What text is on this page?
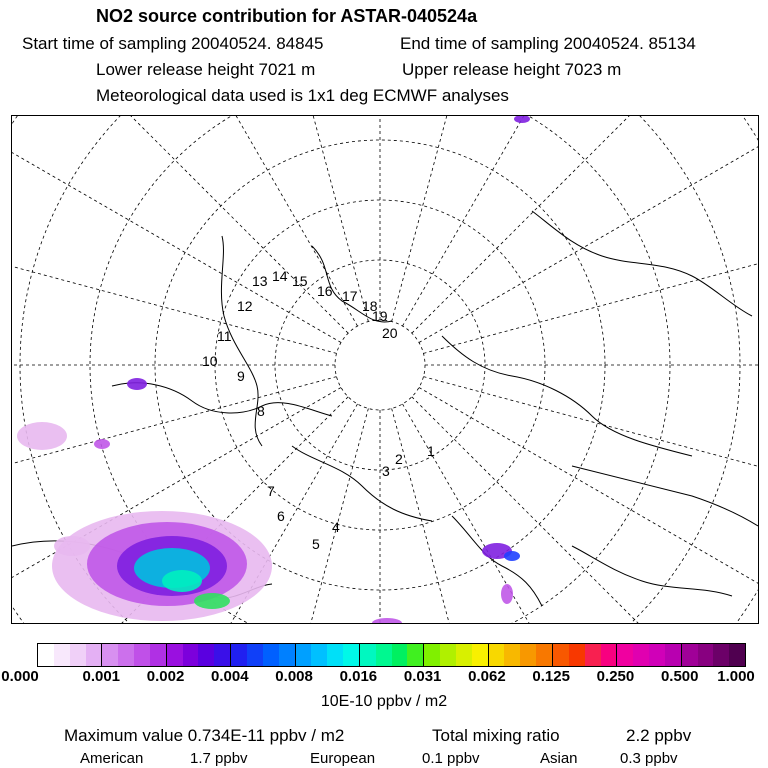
NO2 source contribution for ASTAR-040524a
Start time of sampling 20040524. 84845	End time of sampling 20040524. 85134
Lower release height 7021 m	Upper release height 7023 m
Meteorological data used is 1x1 deg ECMWF analyses
1
2
3
4
5
6
7
8
9
10
11
12
13 14 15
16 17
18
19
20
0.000	0.001 0.002 0.004 0.008 0.016 0.031 0.062 0.125 0.250 0.500 1.000
10E-10 ppbv / m2
Maximum value 0.734E-11 ppbv / m2	Total mixing ratio	2.2 ppbv
American	1.7 ppbv	European	0.1 ppbv	Asian	0.3 ppbv
